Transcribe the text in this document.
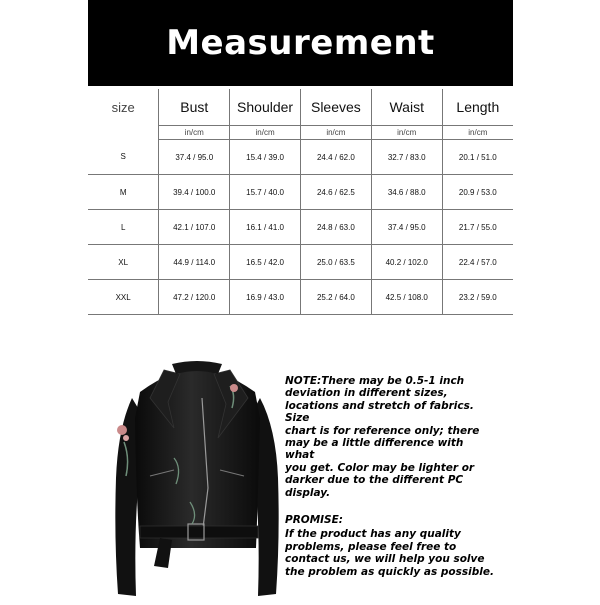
Measurement
size	Bust	Shoulder	Sleeves	Waist	Length
	in/cm	in/cm	in/cm	in/cm	in/cm
S	37.4 / 95.0	15.4 / 39.0	24.4 / 62.0	32.7 / 83.0	20.1 / 51.0
M	39.4 / 100.0	15.7 / 40.0	24.6 / 62.5	34.6 / 88.0	20.9 / 53.0
L	42.1 / 107.0	16.1 / 41.0	24.8 / 63.0	37.4 / 95.0	21.7 / 55.0
XL	44.9 / 114.0	16.5 / 42.0	25.0 / 63.5	40.2 / 102.0	22.4 / 57.0
XXL	47.2 / 120.0	16.9 / 43.0	25.2 / 64.0	42.5 / 108.0	23.2 / 59.0
NOTE:There may be 0.5-1 inch
deviation in different sizes,
locations and stretch of fabrics. Size
chart is for reference only; there
may be a little difference with what
you get. Color may be lighter or
darker due to the different PC
display.
PROMISE:
If the product has any quality
problems, please feel free to
contact us, we will help you solve
the problem as quickly as possible.
